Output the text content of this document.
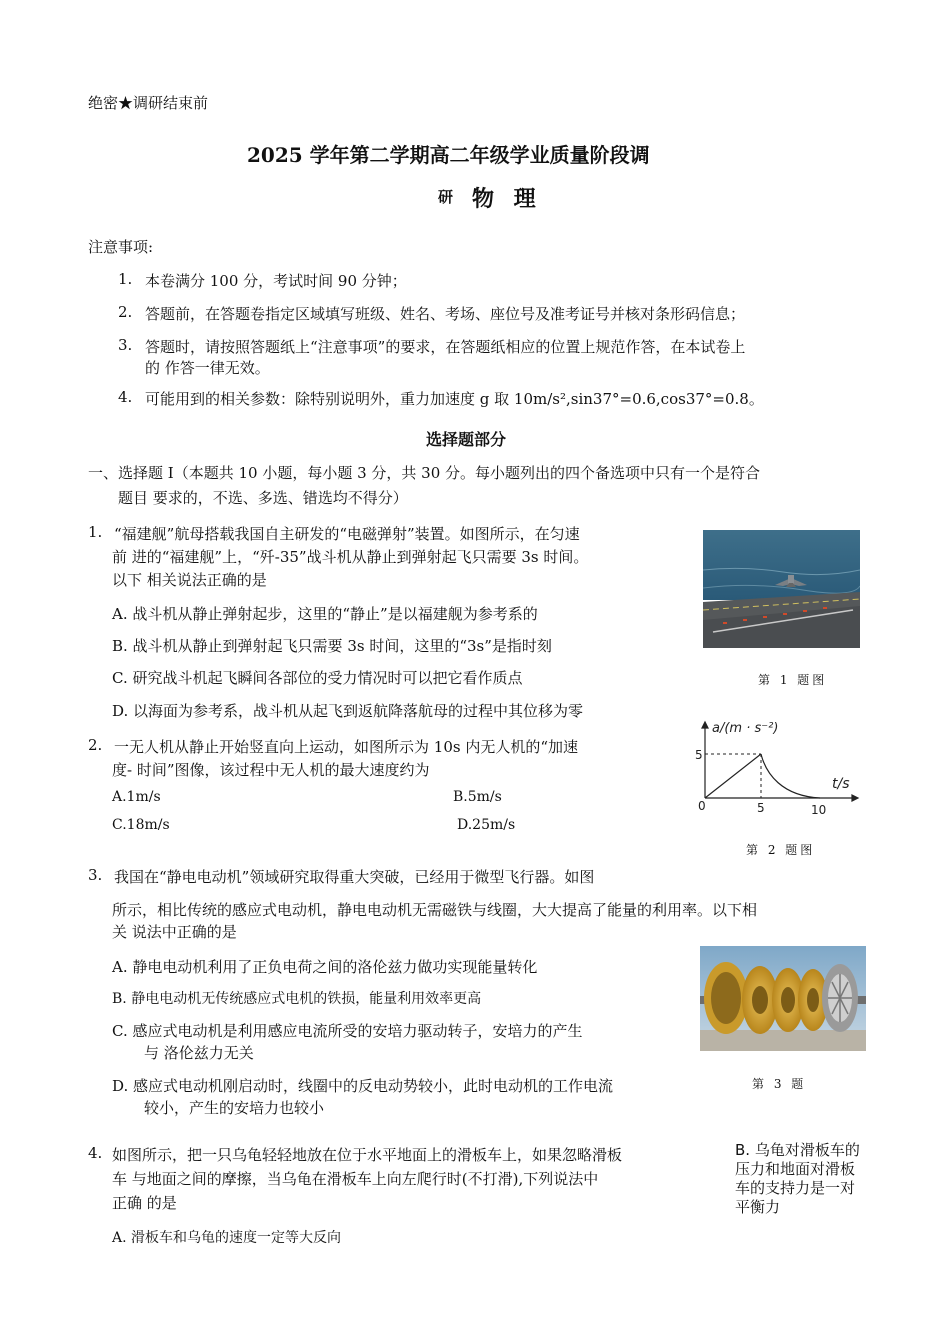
绝密★调研结束前
2025 学年第二学期高二年级学业质量阶段调
研 物 理
注意事项:
1. 本卷满分 100 分，考试时间 90 分钟；
2. 答题前，在答题卷指定区域填写班级、姓名、考场、座位号及准考证号并核对条形码信息；
3. 答题时，请按照答题纸上“注意事项”的要求，在答题纸相应的位置上规范作答，在本试卷上
的 作答一律无效。
4. 可能用到的相关参数：除特别说明外，重力加速度 g 取 10m/s²,sin37°=0.6,cos37°=0.8。
选择题部分
一、选择题 I（本题共 10 小题，每小题 3 分，共 30 分。每小题列出的四个备选项中只有一个是符合
题目 要求的，不选、多选、错选均不得分）
1. “福建舰”航母搭载我国自主研发的“电磁弹射”装置。如图所示，在匀速
前 进的“福建舰”上，“歼-35”战斗机从静止到弹射起飞只需要 3s 时间。
以下 相关说法正确的是
A. 战斗机从静止弹射起步，这里的“静止”是以福建舰为参考系的
B. 战斗机从静止到弹射起飞只需要 3s 时间，这里的“3s”是指时刻
C. 研究战斗机起飞瞬间各部位的受力情况时可以把它看作质点
D. 以海面为参考系，战斗机从起飞到返航降落航母的过程中其位移为零
第 1 题图
2. 一无人机从静止开始竖直向上运动，如图所示为 10s 内无人机的“加速
度- 时间”图像，该过程中无人机的最大速度约为
A.1m/s	B.5m/s
C.18m/s	D.25m/s
a/(m · s⁻²)
t/s
5
0	5	10
第 2 题图
3. 我国在“静电电动机”领域研究取得重大突破，已经用于微型飞行器。如图
所示，相比传统的感应式电动机，静电电动机无需磁铁与线圈，大大提高了能量的利用率。以下相
关 说法中正确的是
A. 静电电动机利用了正负电荷之间的洛伦兹力做功实现能量转化
B. 静电电动机无传统感应式电机的铁损，能量利用效率更高
C. 感应式电动机是利用感应电流所受的安培力驱动转子，安培力的产生
与 洛伦兹力无关
D. 感应式电动机刚启动时，线圈中的反电动势较小，此时电动机的工作电流
较小，产生的安培力也较小
第 3 题
4. 如图所示，把一只乌龟轻轻地放在位于水平地面上的滑板车上，如果忽略滑板
车 与地面之间的摩擦，当乌龟在滑板车上向左爬行时(不打滑),下列说法中
正确 的是
A. 滑板车和乌龟的速度一定等大反向
B. 乌龟对滑板车的压力和地面对滑板车的支持力是一对平衡力
